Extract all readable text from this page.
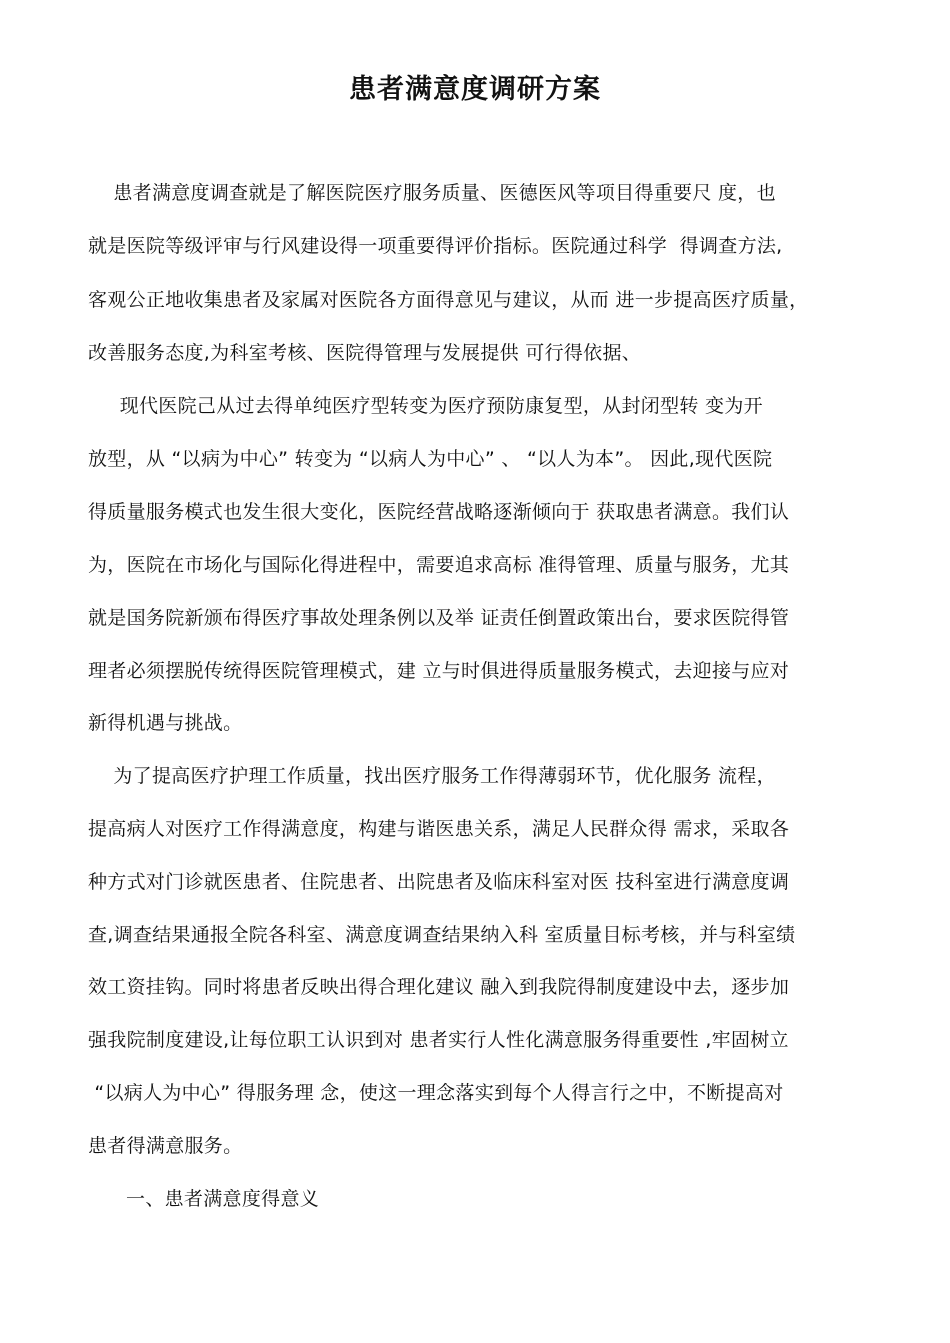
患者满意度调研方案
患者满意度调查就是了解医院医疗服务质量、医德医风等项目得重要尺 度，也
就是医院等级评审与行风建设得一项重要得评价指标。医院通过科学  得调查方法,
客观公正地收集患者及家属对医院各方面得意见与建议，从而 进一步提高医疗质量，
改善服务态度,为科室考核、医院得管理与发展提供 可行得依据、
现代医院己从过去得单纯医疗型转变为医疗预防康复型，从封闭型转 变为开
放型，从 “以病为中心” 转变为 “以病人为中心” 、 “以人为本”。 因此,现代医院
得质量服务模式也发生很大变化，医院经营战略逐渐倾向于 获取患者满意。我们认
为，医院在市场化与国际化得进程中，需要追求高标 准得管理、质量与服务，尤其
就是国务院新颁布得医疗事故处理条例以及举 证责任倒置政策出台，要求医院得管
理者必须摆脱传统得医院管理模式，建 立与时俱进得质量服务模式，去迎接与应对
新得机遇与挑战。
为了提高医疗护理工作质量，找出医疗服务工作得薄弱环节，优化服务 流程，
提高病人对医疗工作得满意度，构建与谐医患关系，满足人民群众得 需求，采取各
种方式对门诊就医患者、住院患者、出院患者及临床科室对医 技科室进行满意度调
查,调查结果通报全院各科室、满意度调查结果纳入科 室质量目标考核，并与科室绩
效工资挂钩。同时将患者反映出得合理化建议 融入到我院得制度建设中去，逐步加
强我院制度建设,让每位职工认识到对 患者实行人性化满意服务得重要性 ,牢固树立
“以病人为中心” 得服务理 念，使这一理念落实到每个人得言行之中，不断提高对
患者得满意服务。
一、患者满意度得意义
